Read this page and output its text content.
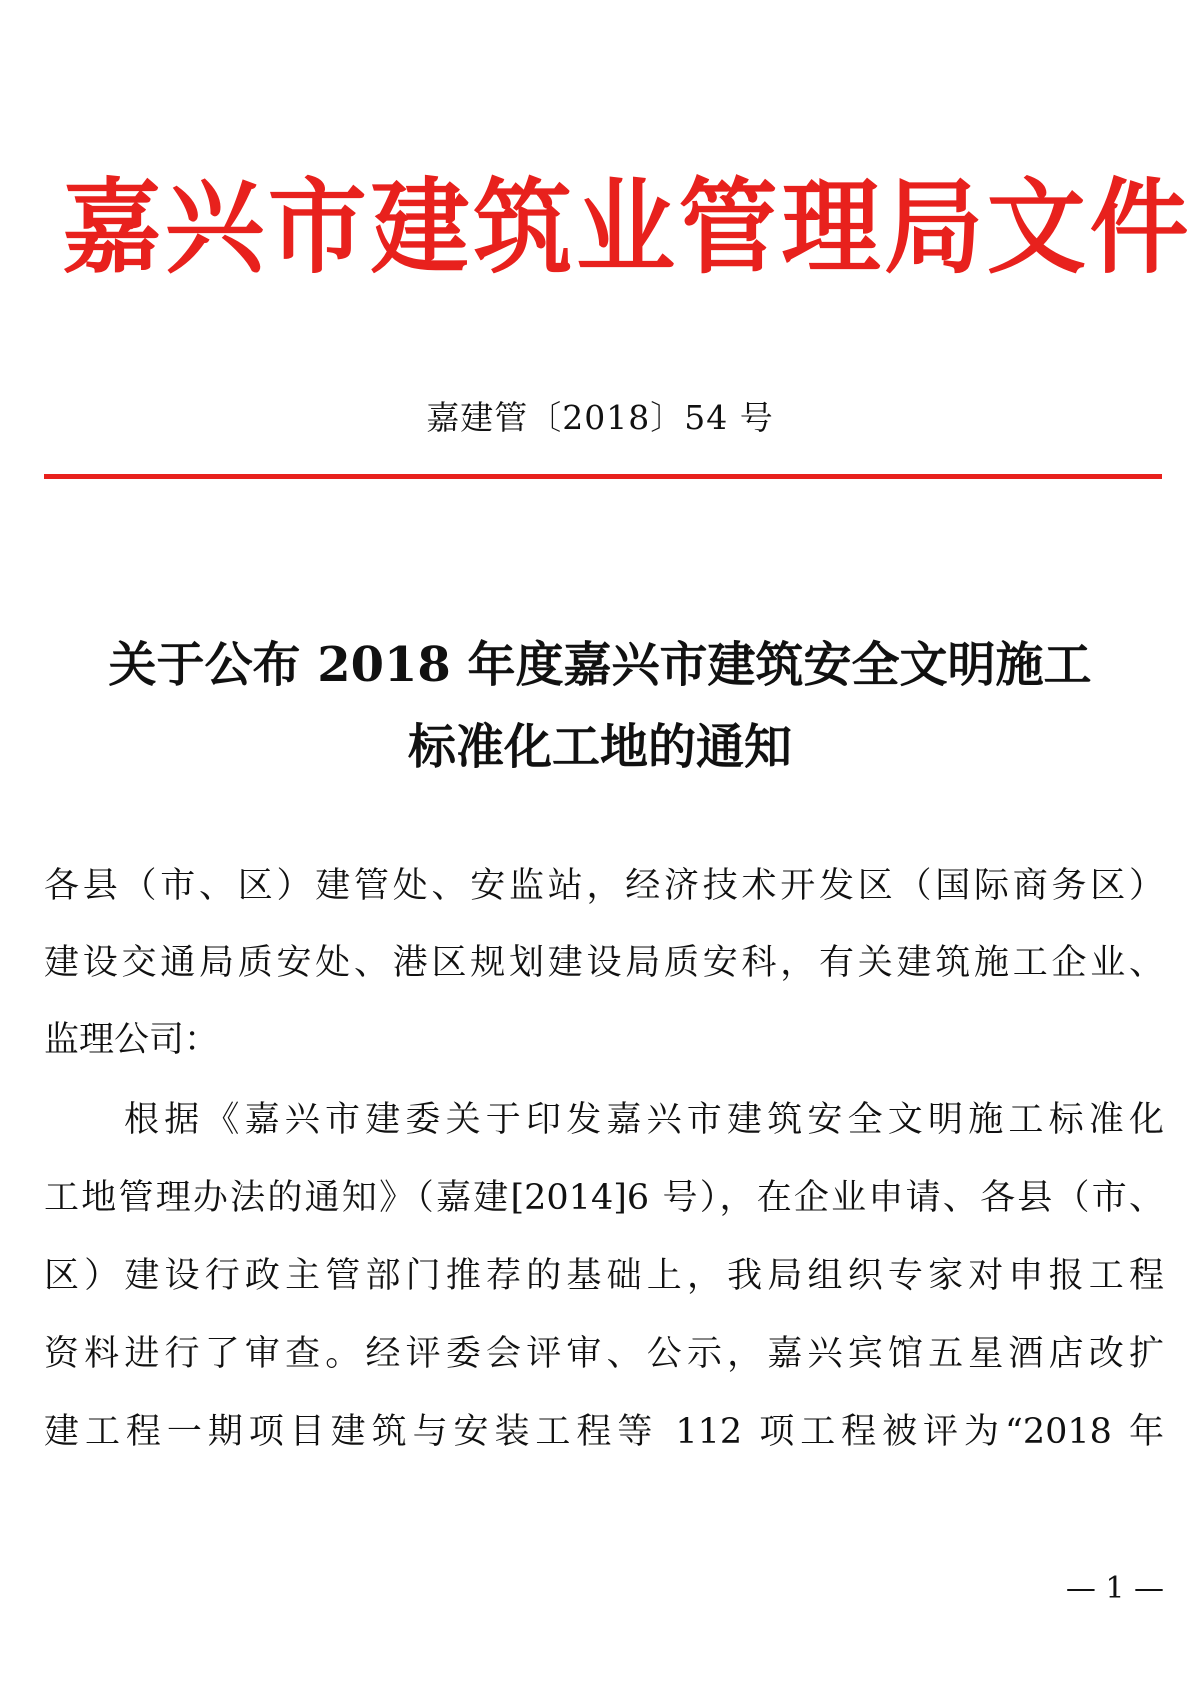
嘉兴市建筑业管理局文件
嘉建管〔2018〕54 号
关于公布 2018 年度嘉兴市建筑安全文明施工
标准化工地的通知
各县（市、区）建管处、安监站，经济技术开发区（国际商务区）
建设交通局质安处、港区规划建设局质安科，有关建筑施工企业、
监理公司：
根据《嘉兴市建委关于印发嘉兴市建筑安全文明施工标准化
工地管理办法的通知》（嘉建[2014]6 号），在企业申请、各县（市、
区）建设行政主管部门推荐的基础上，我局组织专家对申报工程
资料进行了审查。经评委会评审、公示，嘉兴宾馆五星酒店改扩
建工程一期项目建筑与安装工程等 112 项工程被评为“2018 年
— 1 —
